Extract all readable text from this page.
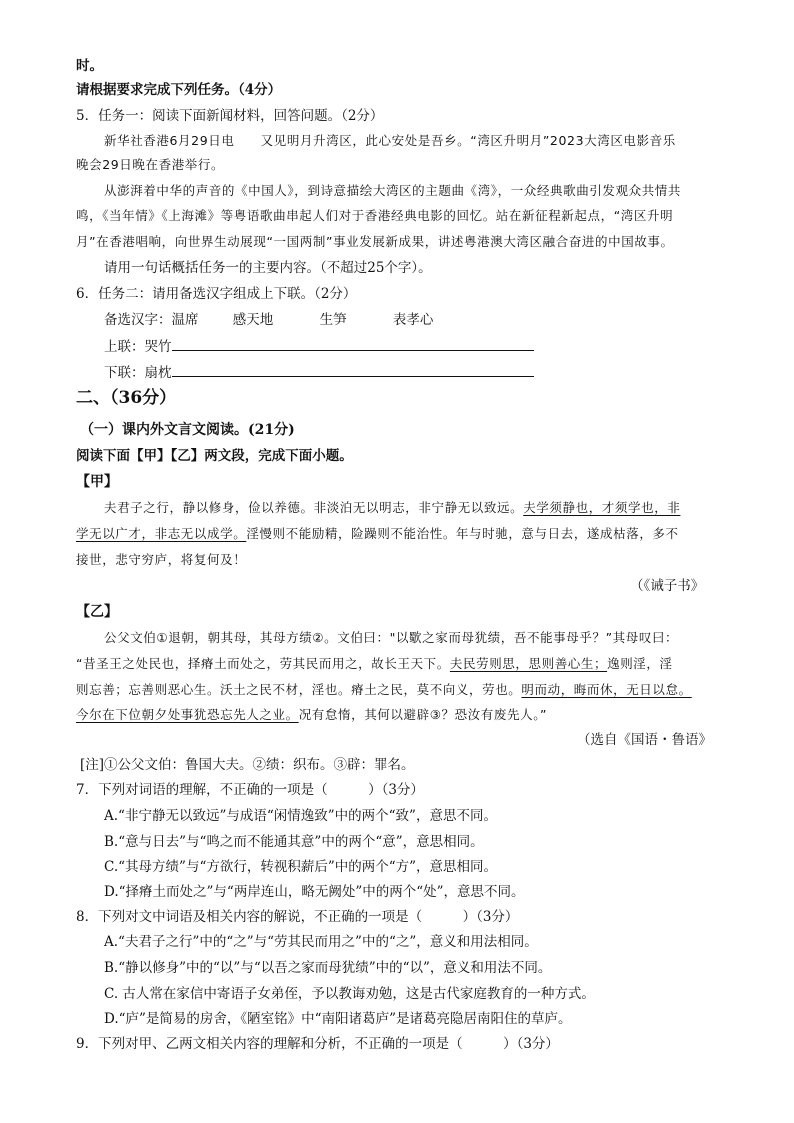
时。
请根据要求完成下列任务。（4分）
5．任务一：阅读下面新闻材料，回答问题。（2分）
新华社香港6月29日电　　又见明月升湾区，此心安处是吾乡。“湾区升明月”2023大湾区电影音乐
晚会29日晚在香港举行。
从澎湃着中华的声音的《中国人》，到诗意描绘大湾区的主题曲《湾》，一众经典歌曲引发观众共情共
鸣，《当年情》《上海滩》等粤语歌曲串起人们对于香港经典电影的回忆。站在新征程新起点，“湾区升明
月”在香港唱响，向世界生动展现“一国两制”事业发展新成果，讲述粤港澳大湾区融合奋进的中国故事。
请用一句话概括任务一的主要内容。（不超过25个字）。
6．任务二：请用备选汉字组成上下联。（2分）
备选汉字：温席	感天地	生笋	表孝心
上联：哭竹
下联：扇枕
二、（36分）
（一）课内外文言文阅读。(21分)
阅读下面【甲】【乙】两文段，完成下面小题。
【甲】
夫君子之行，静以修身，俭以养德。非淡泊无以明志，非宁静无以致远。夫学须静也，才须学也，非
学无以广才，非志无以成学。淫慢则不能励精，险躁则不能治性。年与时驰，意与日去，遂成枯落，多不
接世，悲守穷庐，将复何及！
（《诫子书》
【乙】
公父文伯①退朝，朝其母，其母方绩②。文伯曰："以歜之家而母犹绩，吾不能事母乎？”其母叹曰：
“昔圣王之处民也，择瘠土而处之，劳其民而用之，故长王天下。夫民劳则思，思则善心生；逸则淫，淫
则忘善；忘善则恶心生。沃土之民不材，淫也。瘠土之民，莫不向义，劳也。明而动，晦而休，无日以怠。
今尔在下位朝夕处事犹恐忘先人之业。况有怠惰，其何以避辟③？恐汝有废先人。”
（选自《国语・鲁语》
[注]①公父文伯：鲁国大夫。②绩：织布。③辟：罪名。
7．下列对词语的理解，不正确的一项是（　　　）（3分）
A.“非宁静无以致远”与成语“闲情逸致”中的两个“致”，意思不同。
B.“意与日去”与“鸣之而不能通其意”中的两个“意”，意思相同。
C.“其母方绩”与“方欲行，转视积薪后”中的两个“方”，意思相同。
D.“择瘠土而处之”与“两岸连山，略无阙处”中的两个“处”，意思不同。
8．下列对文中词语及相关内容的解说，不正确的一项是（　　　）（3分）
A.“夫君子之行”中的“之”与“劳其民而用之”中的“之”，意义和用法相同。
B.“静以修身”中的“以”与“以吾之家而母犹绩”中的“以”，意义和用法不同。
C. 古人常在家信中寄语子女弟侄，予以教诲劝勉，这是古代家庭教育的一种方式。
D.“庐”是简易的房舍，《陋室铭》中“南阳诸葛庐”是诸葛亮隐居南阳住的草庐。
9．下列对甲、乙两文相关内容的理解和分析，不正确的一项是（　　　）（3分）
